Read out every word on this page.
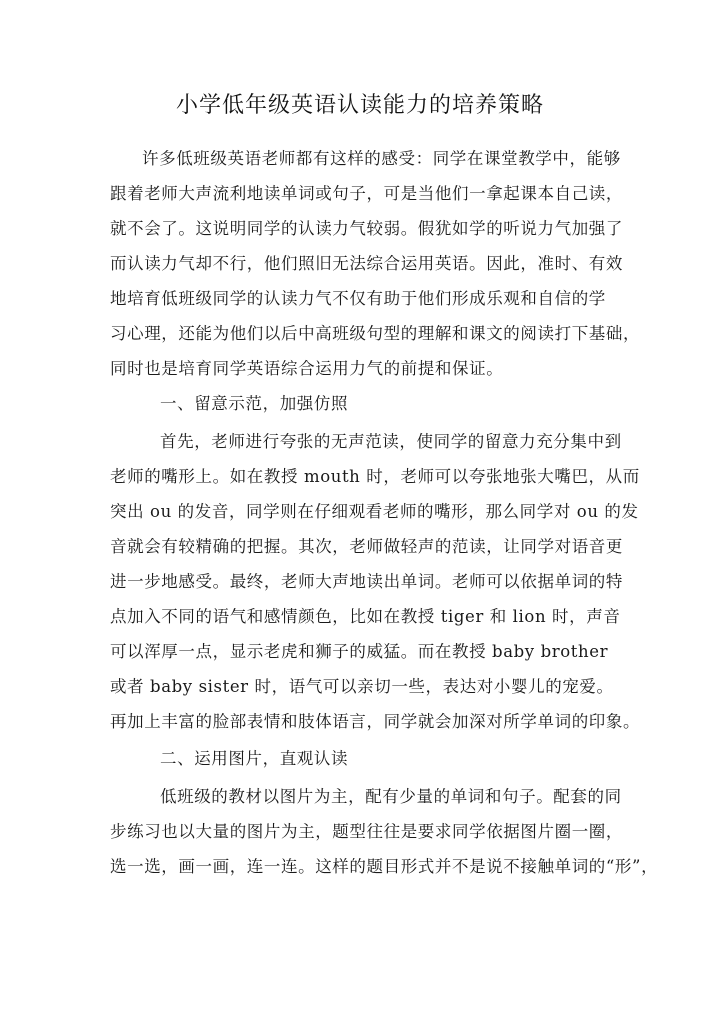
小学低年级英语认读能力的培养策略
许多低班级英语老师都有这样的感受：同学在课堂教学中，能够
跟着老师大声流利地读单词或句子，可是当他们一拿起课本自己读，
就不会了。这说明同学的认读力气较弱。假犹如学的听说力气加强了
而认读力气却不行，他们照旧无法综合运用英语。因此，准时、有效
地培育低班级同学的认读力气不仅有助于他们形成乐观和自信的学
习心理，还能为他们以后中高班级句型的理解和课文的阅读打下基础，
同时也是培育同学英语综合运用力气的前提和保证。
一、留意示范，加强仿照
首先，老师进行夸张的无声范读，使同学的留意力充分集中到
老师的嘴形上。如在教授 mouth 时，老师可以夸张地张大嘴巴，从而
突出 ou 的发音，同学则在仔细观看老师的嘴形，那么同学对 ou 的发
音就会有较精确的把握。其次，老师做轻声的范读，让同学对语音更
进一步地感受。最终，老师大声地读出单词。老师可以依据单词的特
点加入不同的语气和感情颜色，比如在教授 tiger 和 lion 时，声音
可以浑厚一点，显示老虎和狮子的威猛。而在教授 baby brother
或者 baby sister 时，语气可以亲切一些，表达对小婴儿的宠爱。
再加上丰富的脸部表情和肢体语言，同学就会加深对所学单词的印象。
二、运用图片，直观认读
低班级的教材以图片为主，配有少量的单词和句子。配套的同
步练习也以大量的图片为主，题型往往是要求同学依据图片圈一圈，
选一选，画一画，连一连。这样的题目形式并不是说不接触单词的“形”，
